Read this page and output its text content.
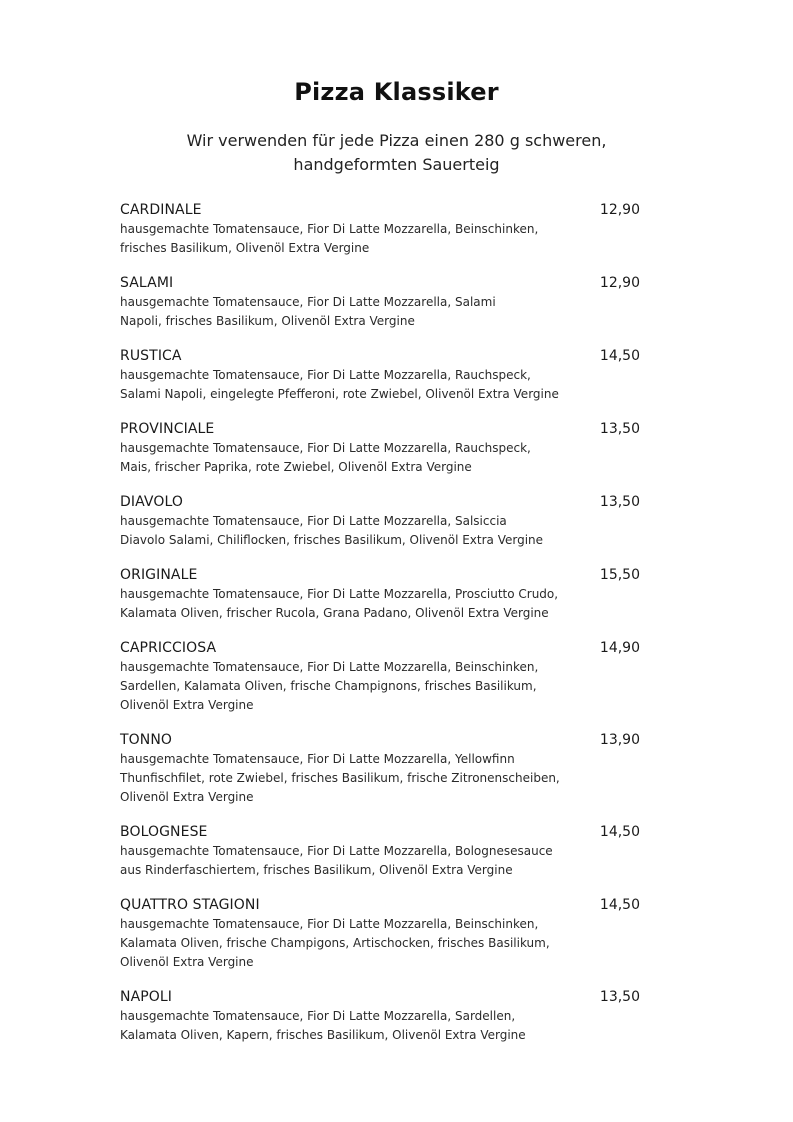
Pizza Klassiker
Wir verwenden für jede Pizza einen 280 g schweren,
handgeformten Sauerteig
CARDINALE	12,90
hausgemachte Tomatensauce, Fior Di Latte Mozzarella, Beinschinken,
frisches Basilikum, Olivenöl Extra Vergine
SALAMI	12,90
hausgemachte Tomatensauce, Fior Di Latte Mozzarella, Salami
Napoli, frisches Basilikum, Olivenöl Extra Vergine
RUSTICA	14,50
hausgemachte Tomatensauce, Fior Di Latte Mozzarella, Rauchspeck,
Salami Napoli, eingelegte Pfefferoni, rote Zwiebel, Olivenöl Extra Vergine
PROVINCIALE	13,50
hausgemachte Tomatensauce, Fior Di Latte Mozzarella, Rauchspeck,
Mais, frischer Paprika, rote Zwiebel, Olivenöl Extra Vergine
DIAVOLO	13,50
hausgemachte Tomatensauce, Fior Di Latte Mozzarella, Salsiccia
Diavolo Salami, Chiliflocken, frisches Basilikum, Olivenöl Extra Vergine
ORIGINALE	15,50
hausgemachte Tomatensauce, Fior Di Latte Mozzarella, Prosciutto Crudo,
Kalamata Oliven, frischer Rucola, Grana Padano, Olivenöl Extra Vergine
CAPRICCIOSA	14,90
hausgemachte Tomatensauce, Fior Di Latte Mozzarella, Beinschinken,
Sardellen, Kalamata Oliven, frische Champignons, frisches Basilikum,
Olivenöl Extra Vergine
TONNO	13,90
hausgemachte Tomatensauce, Fior Di Latte Mozzarella, Yellowfinn
Thunfischfilet, rote Zwiebel, frisches Basilikum, frische Zitronenscheiben,
Olivenöl Extra Vergine
BOLOGNESE	14,50
hausgemachte Tomatensauce, Fior Di Latte Mozzarella, Bolognesesauce
aus Rinderfaschiertem, frisches Basilikum, Olivenöl Extra Vergine
QUATTRO STAGIONI	14,50
hausgemachte Tomatensauce, Fior Di Latte Mozzarella, Beinschinken,
Kalamata Oliven, frische Champigons, Artischocken, frisches Basilikum,
Olivenöl Extra Vergine
NAPOLI	13,50
hausgemachte Tomatensauce, Fior Di Latte Mozzarella, Sardellen,
Kalamata Oliven, Kapern, frisches Basilikum, Olivenöl Extra Vergine
